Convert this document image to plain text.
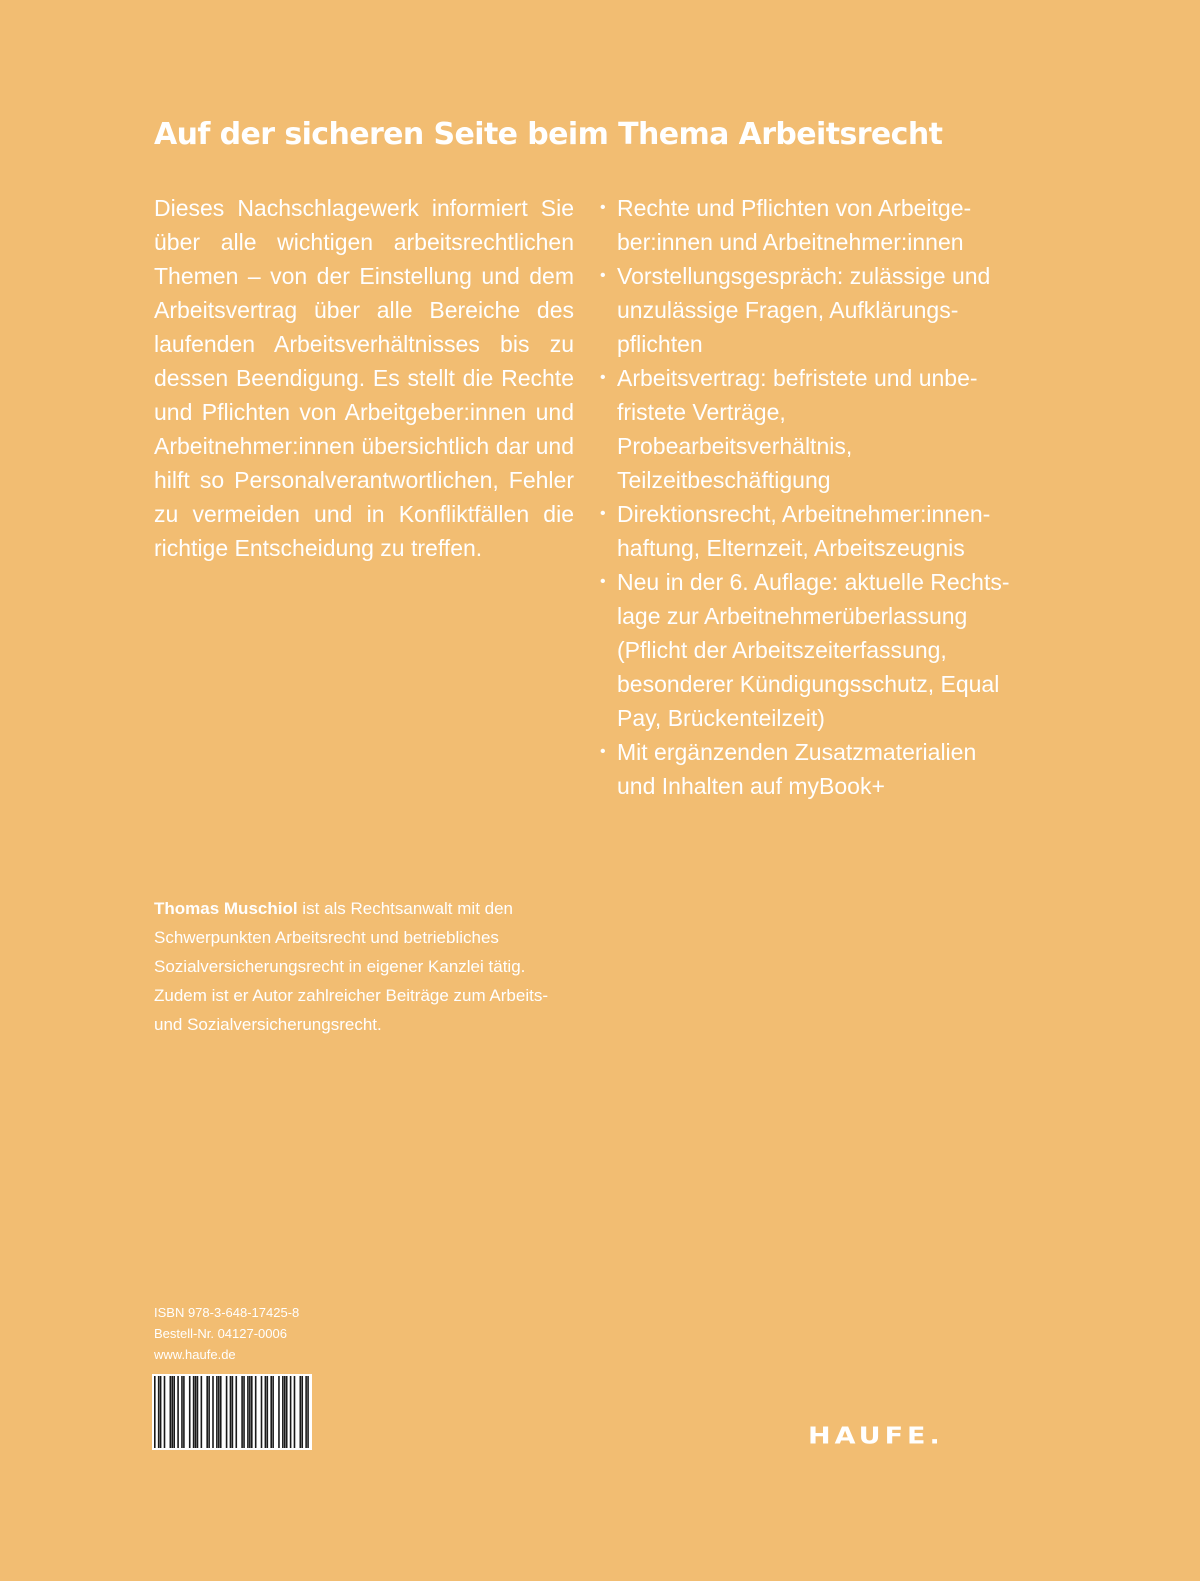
Auf der sicheren Seite beim Thema Arbeitsrecht

Dieses Nachschlagewerk informiert Sie über alle wichtigen arbeitsrechtlichen Themen – von der Einstellung und dem Arbeitsvertrag über alle Bereiche des laufenden Arbeitsverhältnisses bis zu dessen Beendigung. Es stellt die Rechte und Pflichten von Arbeitgeber:innen und Arbeitnehmer:innen übersichtlich dar und hilft so Personalverantwortlichen, Fehler zu vermeiden und in Konfliktfällen die richtige Entscheidung zu treffen.

• Rechte und Pflichten von Arbeitgeber:innen und Arbeitnehmer:innen
• Vorstellungsgespräch: zulässige und unzulässige Fragen, Aufklärungspflichten
• Arbeitsvertrag: befristete und unbefristete Verträge, Probearbeitsverhältnis, Teilzeitbeschäftigung
• Direktionsrecht, Arbeitnehmer:innenhaftung, Elternzeit, Arbeitszeugnis
• Neu in der 6. Auflage: aktuelle Rechtslage zur Arbeitnehmerüberlassung (Pflicht der Arbeitszeiterfassung, besonderer Kündigungsschutz, Equal Pay, Brückenteilzeit)
• Mit ergänzenden Zusatzmaterialien und Inhalten auf myBook+

Thomas Muschiol ist als Rechtsanwalt mit den Schwerpunkten Arbeitsrecht und betriebliches Sozialversicherungsrecht in eigener Kanzlei tätig. Zudem ist er Autor zahlreicher Beiträge zum Arbeits- und Sozialversicherungsrecht.

ISBN 978-3-648-17425-8
Bestell-Nr. 04127-0006
www.haufe.de
HAUFE.
